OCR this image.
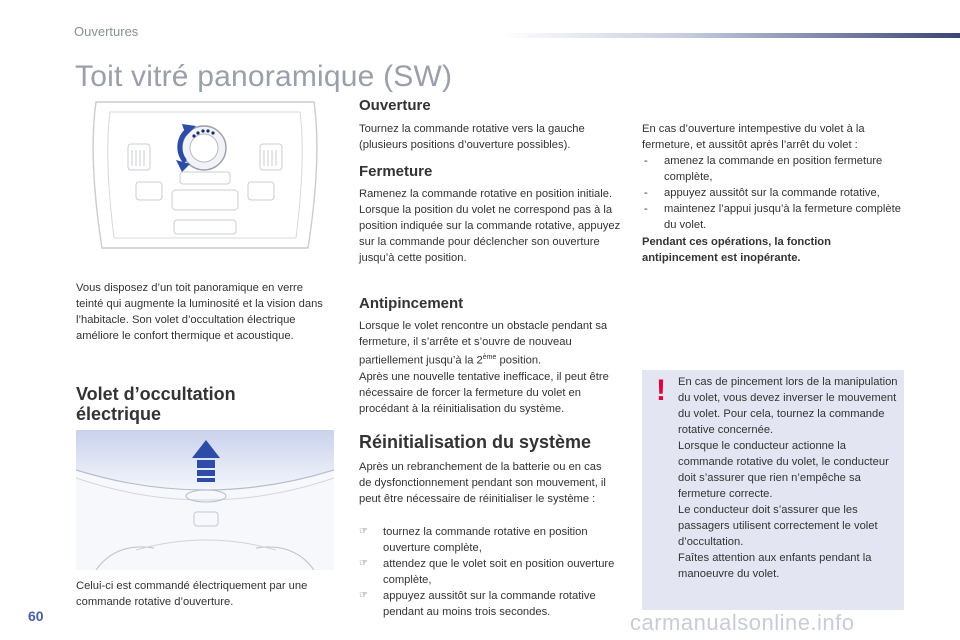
Ouvertures
Toit vitré panoramique (SW)
Vous disposez d’un toit panoramique en verre teinté qui augmente la luminosité et la vision dans l’habitacle. Son volet d’occultation électrique améliore le confort thermique et acoustique.
Volet d’occultation
électrique
Celui-ci est commandé électriquement par une commande rotative d’ouverture.
Ouverture
Tournez la commande rotative vers la gauche (plusieurs positions d’ouverture possibles).
Fermeture

Ramenez la commande rotative en position initiale.

Lorsque la position du volet ne correspond pas à la position indiquée sur la commande rotative, appuyez sur la commande pour déclencher son ouverture jusqu’à cette position.

Antipincement

Lorsque le volet rencontre un obstacle pendant sa fermeture, il s’arrête et s’ouvre de nouveau partiellement jusqu’à la 2ème position.

Après une nouvelle tentative inefficace, il peut être nécessaire de forcer la fermeture du volet en procédant à la réinitialisation du système.

Réinitialisation du système
Après un rebranchement de la batterie ou en cas de dysfonctionnement pendant son mouvement, il peut être nécessaire de réinitialiser le système :
☞ tournez la commande rotative en position ouverture complète,
☞ attendez que le volet soit en position ouverture complète,
☞ appuyez aussitôt sur la commande rotative pendant au moins trois secondes.
En cas d’ouverture intempestive du volet à la fermeture, et aussitôt après l’arrêt du volet :
- amenez la commande en position fermeture complète,
- appuyez aussitôt sur la commande rotative,
- maintenez l’appui jusqu’à la fermeture complète du volet.
Pendant ces opérations, la fonction antipincement est inopérante.
! En cas de pincement lors de la manipulation du volet, vous devez inverser le mouvement du volet. Pour cela, tournez la commande rotative concernée.

Lorsque le conducteur actionne la commande rotative du volet, le conducteur doit s’assurer que rien n’empêche sa fermeture correcte.

Le conducteur doit s’assurer que les passagers utilisent correctement le volet d’occultation.

Faîtes attention aux enfants pendant la manoeuvre du volet.

60	carmanualsonline.info
